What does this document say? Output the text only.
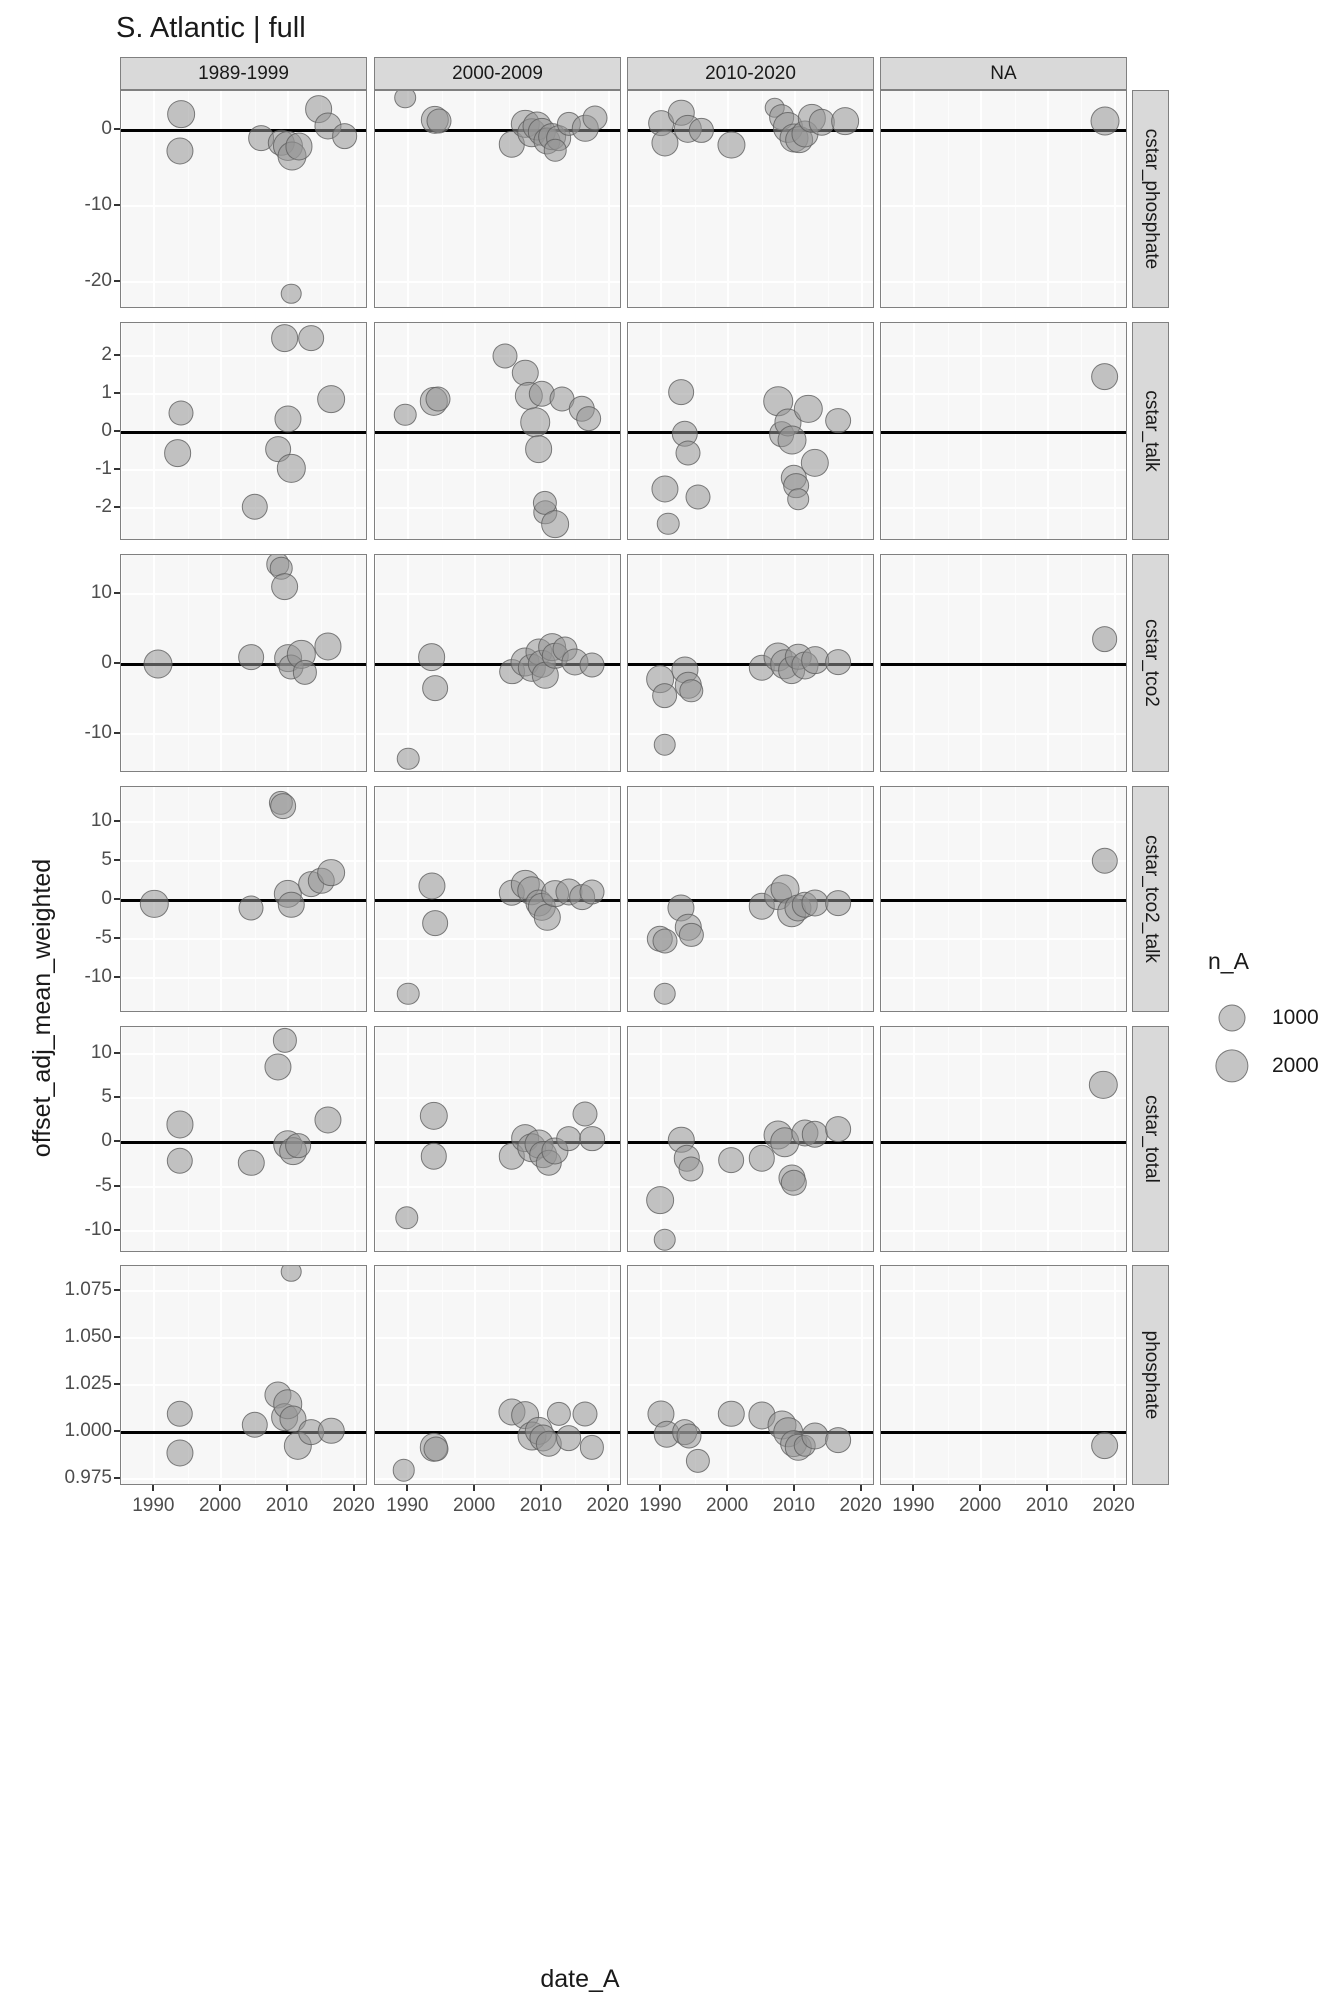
S. Atlantic | full
offset_adj_mean_weighted
date_A
1989-1999	2000-2009	2010-2020	NA
cstar_phosphate
0
-10
-20
cstar_talk
2
1
0
-1
-2
cstar_tco2
10
0
-10
cstar_tco2_talk
10
5
0
-5
-10
cstar_total
10
5
0
-5
-10
phosphate
1.075
1.050
1.025
1.000
0.975
1990	2000	2010	2020 1990	2000	2010	2020 1990	2000	2010	2020 1990	2000	2010	2020
n_A
1000
2000
